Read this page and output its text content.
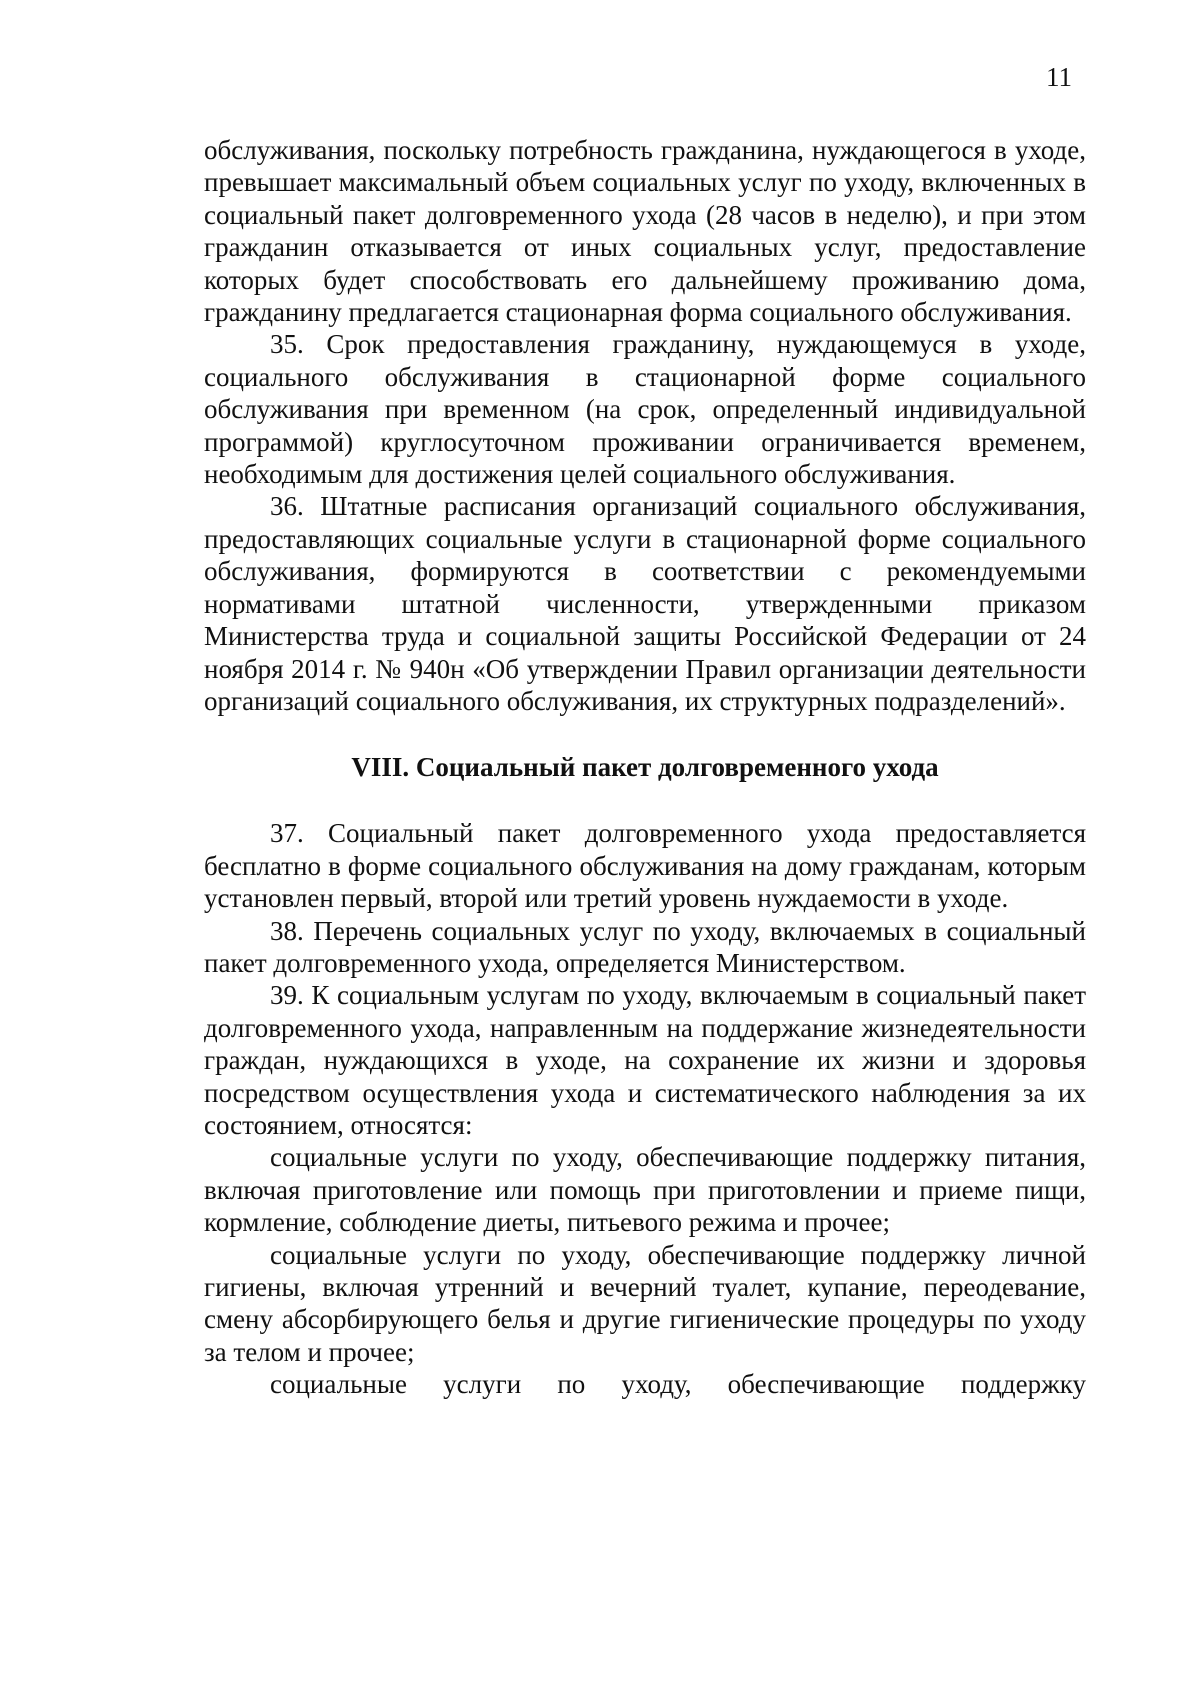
11

обслуживания, поскольку потребность гражданина, нуждающегося в уходе, превышает максимальный объем социальных услуг по уходу, включенных в социальный пакет долговременного ухода (28 часов в неделю), и при этом гражданин отказывается от иных социальных услуг, предоставление которых будет способствовать его дальнейшему проживанию дома, гражданину предлагается стационарная форма социального обслуживания.

35. Срок предоставления гражданину, нуждающемуся в уходе, социального обслуживания в стационарной форме социального обслуживания при временном (на срок, определенный индивидуальной программой) круглосуточном проживании ограничивается временем, необходимым для достижения целей социального обслуживания.

36. Штатные расписания организаций социального обслуживания, предоставляющих социальные услуги в стационарной форме социального обслуживания, формируются в соответствии с рекомендуемыми нормативами штатной численности, утвержденными приказом Министерства труда и социальной защиты Российской Федерации от 24 ноября 2014 г. № 940н «Об утверждении Правил организации деятельности организаций социального обслуживания, их структурных подразделений».

VIII. Социальный пакет долговременного ухода

37. Социальный пакет долговременного ухода предоставляется бесплатно в форме социального обслуживания на дому гражданам, которым установлен первый, второй или третий уровень нуждаемости в уходе.

38. Перечень социальных услуг по уходу, включаемых в социальный пакет долговременного ухода, определяется Министерством.

39. К социальным услугам по уходу, включаемым в социальный пакет долговременного ухода, направленным на поддержание жизнедеятельности граждан, нуждающихся в уходе, на сохранение их жизни и здоровья посредством осуществления ухода и систематического наблюдения за их состоянием, относятся:

социальные услуги по уходу, обеспечивающие поддержку питания, включая приготовление или помощь при приготовлении и приеме пищи, кормление, соблюдение диеты, питьевого режима и прочее;

социальные услуги по уходу, обеспечивающие поддержку личной гигиены, включая утренний и вечерний туалет, купание, переодевание, смену абсорбирующего белья и другие гигиенические процедуры по уходу за телом и прочее;

социальные услуги по уходу, обеспечивающие поддержку
